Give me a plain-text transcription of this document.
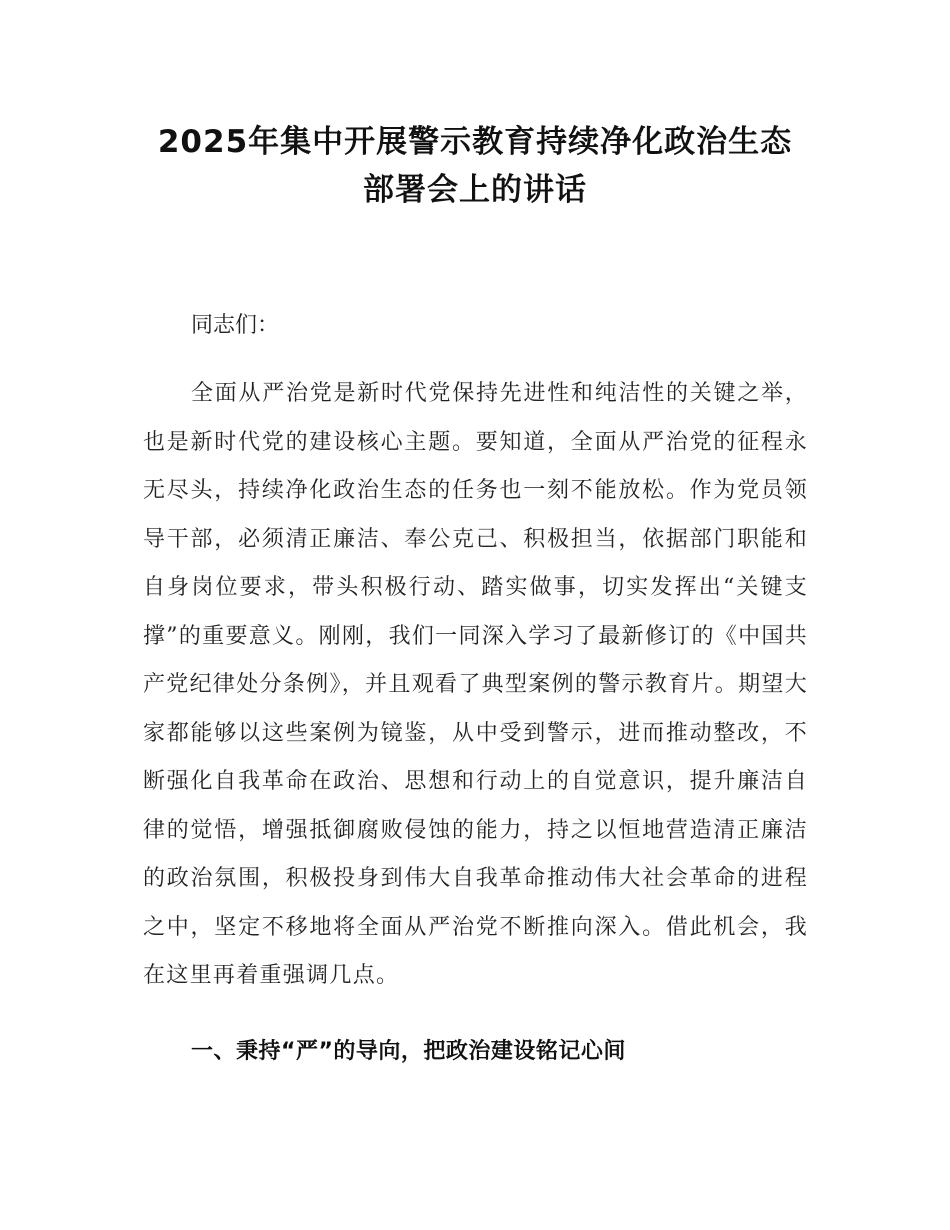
2025年集中开展警示教育持续净化政治生态
部署会上的讲话

同志们：

全面从严治党是新时代党保持先进性和纯洁性的关键之举，也是新时代党的建设核心主题。要知道，全面从严治党的征程永无尽头，持续净化政治生态的任务也一刻不能放松。作为党员领导干部，必须清正廉洁、奉公克己、积极担当，依据部门职能和自身岗位要求，带头积极行动、踏实做事，切实发挥出“关键支撑”的重要意义。刚刚，我们一同深入学习了最新修订的《中国共产党纪律处分条例》，并且观看了典型案例的警示教育片。期望大家都能够以这些案例为镜鉴，从中受到警示，进而推动整改，不断强化自我革命在政治、思想和行动上的自觉意识，提升廉洁自律的觉悟，增强抵御腐败侵蚀的能力，持之以恒地营造清正廉洁的政治氛围，积极投身到伟大自我革命推动伟大社会革命的进程之中，坚定不移地将全面从严治党不断推向深入。借此机会，我在这里再着重强调几点。

一、秉持“严”的导向，把政治建设铭记心间
